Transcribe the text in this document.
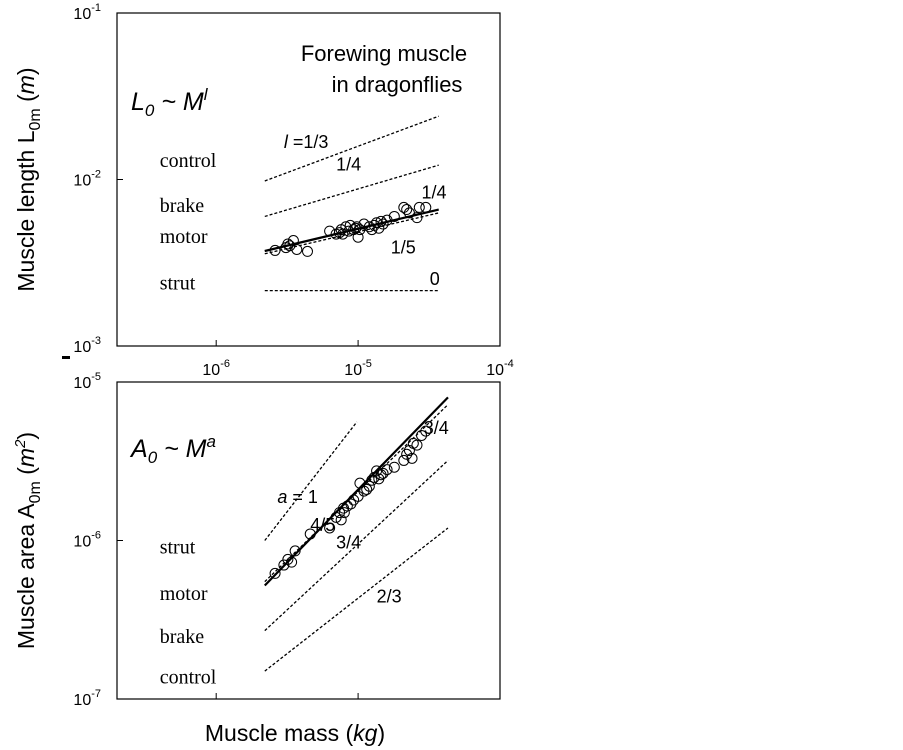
$10^{-1}$
$10^{-2}$
$10^{-3}$
$10^{-6}$	$10^{-5}$	$10^{-4}$
control
brake
motor
strut
1/4
1/4
1/5
0
l =1/3
$L_0$ ~ $M^l$
Forewing muscle
in dragonflies
Muscle length $L_{0m}$ (m)
$10^{-5}$
$10^{-6}$
$10^{-7}$
strut
motor
brake
control
4/5
3/4
3/4
2/3
a = 1
$A_0$ ~ $M^a$
Muscle area $A_{0m}$ $(m^2)$
Muscle mass (kg)
